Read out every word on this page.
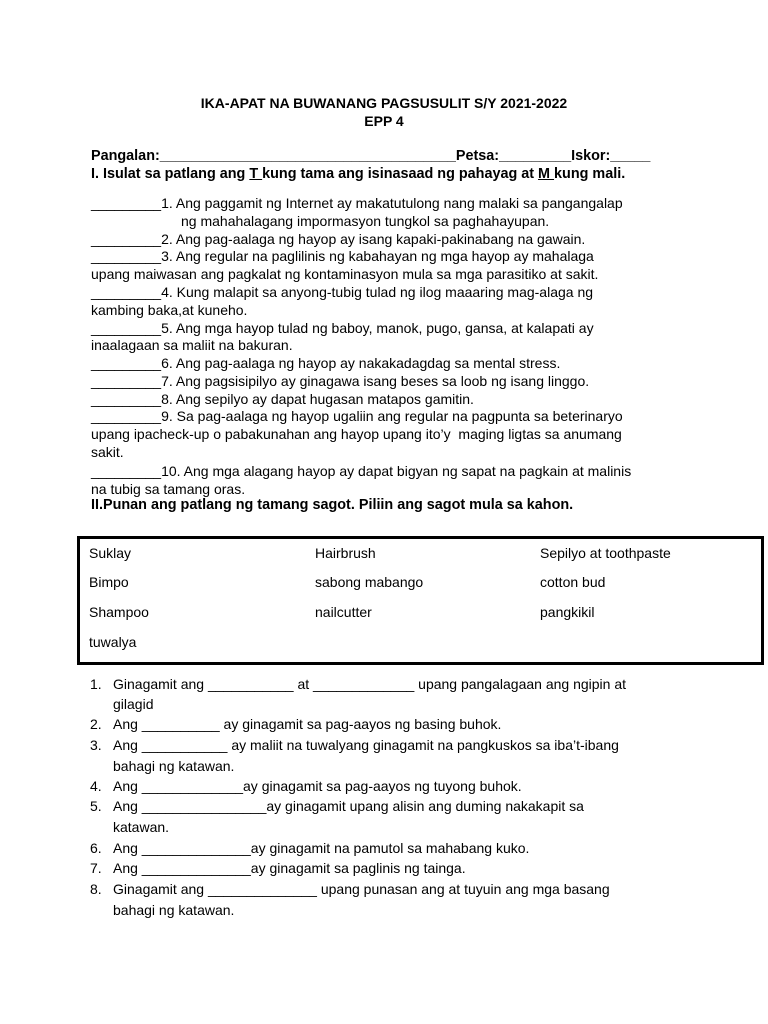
IKA-APAT NA BUWANANG PAGSUSULIT S/Y 2021-2022
EPP 4
Pangalan:_____________________________________Petsa:_________Iskor:_____
I. Isulat sa patlang ang T kung tama ang isinasaad ng pahayag at M kung mali.
_________1. Ang paggamit ng Internet ay makatutulong nang malaki sa pangangalap
ng mahahalagang impormasyon tungkol sa paghahayupan.
_________2. Ang pag-aalaga ng hayop ay isang kapaki-pakinabang na gawain.
_________3. Ang regular na paglilinis ng kabahayan ng mga hayop ay mahalaga
upang maiwasan ang pagkalat ng kontaminasyon mula sa mga parasitiko at sakit.
_________4. Kung malapit sa anyong-tubig tulad ng ilog maaaring mag-alaga ng
kambing baka,at kuneho.
_________5. Ang mga hayop tulad ng baboy, manok, pugo, gansa, at kalapati ay
inaalagaan sa maliit na bakuran.
_________6. Ang pag-aalaga ng hayop ay nakakadagdag sa mental stress.
_________7. Ang pagsisipilyo ay ginagawa isang beses sa loob ng isang linggo.
_________8. Ang sepilyo ay dapat hugasan matapos gamitin.
_________9. Sa pag-aalaga ng hayop ugaliin ang regular na pagpunta sa beterinaryo
upang ipacheck-up o pabakunahan ang hayop upang ito’y  maging ligtas sa anumang
sakit.
_________10. Ang mga alagang hayop ay dapat bigyan ng sapat na pagkain at malinis
na tubig sa tamang oras.
II.Punan ang patlang ng tamang sagot. Piliin ang sagot mula sa kahon.
Suklay	Hairbrush	Sepilyo at toothpaste
Bimpo	sabong mabango	cotton bud
Shampoo	nailcutter	pangkikil
tuwalya
1. Ginagamit ang ___________ at _____________ upang pangalagaan ang ngipin at
gilagid
2. Ang __________ ay ginagamit sa pag-aayos ng basing buhok.
3. Ang ___________ ay maliit na tuwalyang ginagamit na pangkuskos sa iba’t-ibang
bahagi ng katawan.
4. Ang _____________ay ginagamit sa pag-aayos ng tuyong buhok.
5. Ang ________________ay ginagamit upang alisin ang duming nakakapit sa
katawan.
6. Ang ______________ay ginagamit na pamutol sa mahabang kuko.
7. Ang ______________ay ginagamit sa paglinis ng tainga.
8. Ginagamit ang ______________ upang punasan ang at tuyuin ang mga basang
bahagi ng katawan.
